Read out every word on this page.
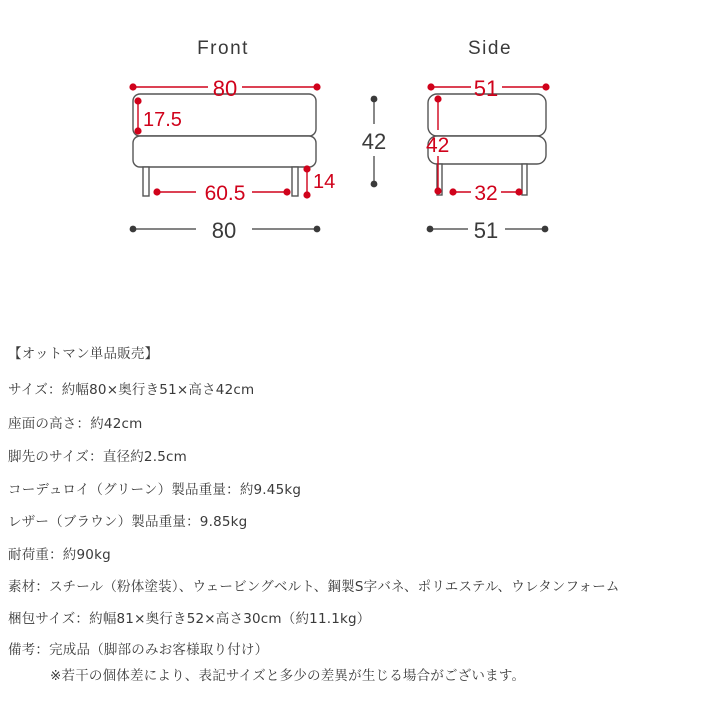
Front
80
17.5
60.5	14
80
42
Side
51
42
32
51
【オットマン単品販売】
サイズ：約幅80×奥行き51×高さ42cm
座面の高さ：約42cm
脚先のサイズ：直径約2.5cm
コーデュロイ（グリーン）製品重量：約9.45kg
レザー（ブラウン）製品重量：9.85kg
耐荷重：約90kg
素材：スチール（粉体塗装）、ウェービングベルト、鋼製S字バネ、ポリエステル、ウレタンフォーム
梱包サイズ：約幅81×奥行き52×高さ30cm（約11.1kg）
備考：完成品（脚部のみお客様取り付け）
※若干の個体差により、表記サイズと多少の差異が生じる場合がございます。
